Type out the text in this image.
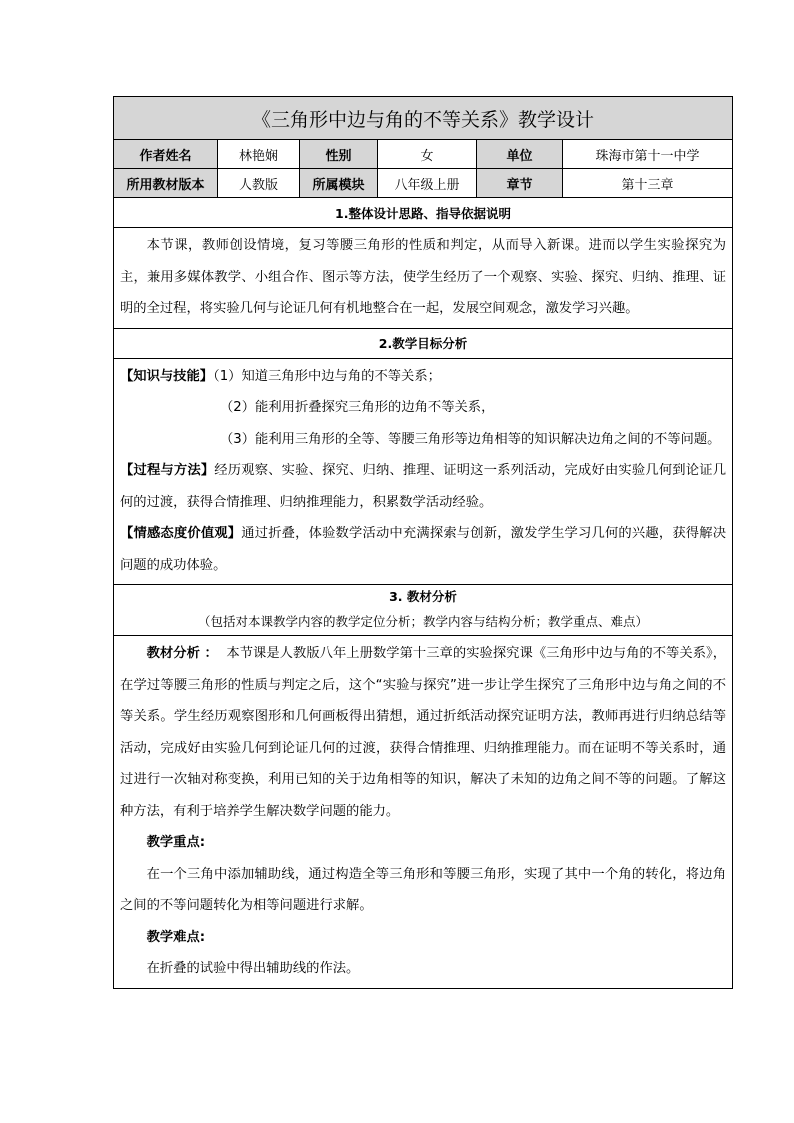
《三角形中边与角的不等关系》教学设计					
作者姓名	林艳娴	性别	女	单位	珠海市第十一中学
所用教材版本	人教版	所属模块	八年级上册	章节	第十三章
1.整体设计思路、指导依据说明					

本节课，教师创设情境，复习等腰三角形的性质和判定，从而导入新课。进而以学生实验探究为主，兼用多媒体教学、小组合作、图示等方法，使学生经历了一个观察、实验、探究、归纳、推理、证明的全过程，将实验几何与论证几何有机地整合在一起，发展空间观念，激发学习兴趣。					

2.教学目标分析					

【知识与技能】（1）知道三角形中边与角的不等关系；

（2）能利用折叠探究三角形的边角不等关系，

（3）能利用三角形的全等、等腰三角形等边角相等的知识解决边角之间的不等问题。

【过程与方法】经历观察、实验、探究、归纳、推理、证明这一系列活动，完成好由实验几何到论证几何的过渡，获得合情推理、归纳推理能力，积累数学活动经验。

【情感态度价值观】通过折叠，体验数学活动中充满探索与创新，激发学生学习几何的兴趣，获得解决问题的成功体验。					

3. 教材分析
（包括对本课教学内容的教学定位分析；教学内容与结构分析；教学重点、难点）					

教材分析 ： 本节课是人教版八年上册数学第十三章的实验探究课《三角形中边与角的不等关系》，在学过等腰三角形的性质与判定之后，这个“实验与探究”进一步让学生探究了三角形中边与角之间的不等关系。学生经历观察图形和几何画板得出猜想，通过折纸活动探究证明方法，教师再进行归纳总结等活动，完成好由实验几何到论证几何的过渡，获得合情推理、归纳推理能力。而在证明不等关系时，通过进行一次轴对称变换，利用已知的关于边角相等的知识，解决了未知的边角之间不等的问题。了解这种方法，有利于培养学生解决数学问题的能力。

教学重点:

在一个三角中添加辅助线，通过构造全等三角形和等腰三角形，实现了其中一个角的转化，将边角之间的不等问题转化为相等问题进行求解。

教学难点:

在折叠的试验中得出辅助线的作法。					
